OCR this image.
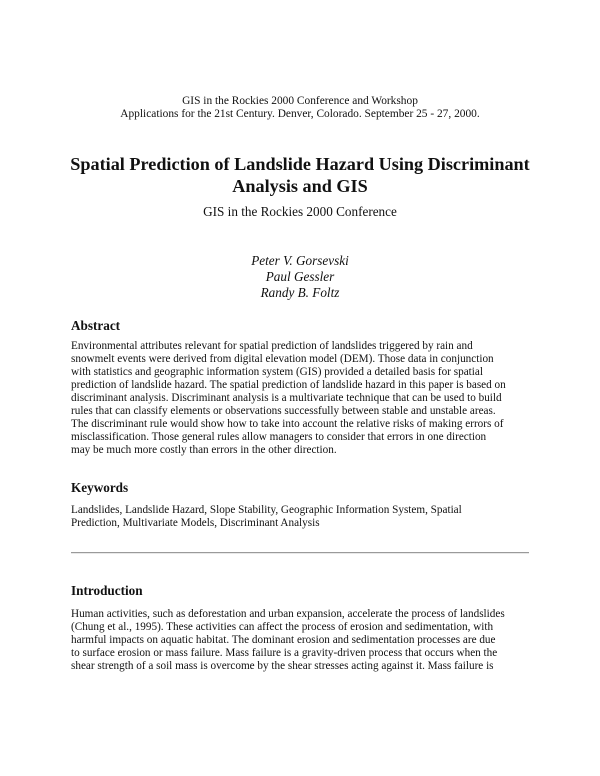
GIS in the Rockies 2000 Conference and Workshop
Applications for the 21st Century. Denver, Colorado. September 25 - 27, 2000.
Spatial Prediction of Landslide Hazard Using Discriminant
Analysis and GIS
GIS in the Rockies 2000 Conference
Peter V. Gorsevski
Paul Gessler
Randy B. Foltz
Abstract
Environmental attributes relevant for spatial prediction of landslides triggered by rain and
snowmelt events were derived from digital elevation model (DEM). Those data in conjunction
with statistics and geographic information system (GIS) provided a detailed basis for spatial
prediction of landslide hazard. The spatial prediction of landslide hazard in this paper is based on
discriminant analysis. Discriminant analysis is a multivariate technique that can be used to build
rules that can classify elements or observations successfully between stable and unstable areas.
The discriminant rule would show how to take into account the relative risks of making errors of
misclassification. Those general rules allow managers to consider that errors in one direction
may be much more costly than errors in the other direction.
Keywords
Landslides, Landslide Hazard, Slope Stability, Geographic Information System, Spatial
Prediction, Multivariate Models, Discriminant Analysis
Introduction
Human activities, such as deforestation and urban expansion, accelerate the process of landslides
(Chung et al., 1995). These activities can affect the process of erosion and sedimentation, with
harmful impacts on aquatic habitat. The dominant erosion and sedimentation processes are due
to surface erosion or mass failure. Mass failure is a gravity-driven process that occurs when the
shear strength of a soil mass is overcome by the shear stresses acting against it. Mass failure is
